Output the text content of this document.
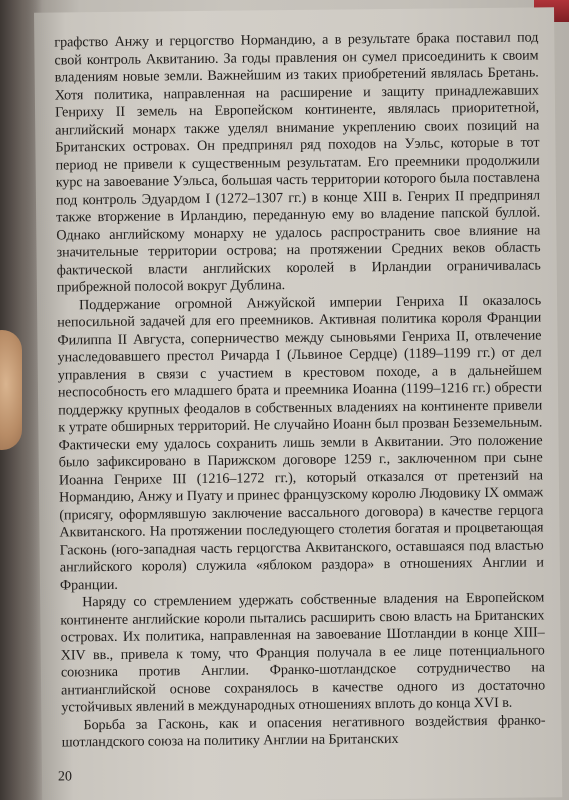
графство Анжу и герцогство Нормандию, а в результате брака поставил под свой контроль Аквитанию. За годы правления он сумел присоединить к своим владениям новые земли. Важнейшим из таких приобретений являлась Бретань. Хотя политика, направленная на расширение и защиту принадлежавших Генриху II земель на Европейском континенте, являлась приоритетной, английский монарх также уделял внимание укреплению своих позиций на Британских островах. Он предпринял ряд походов на Уэльс, которые в тот период не привели к существенным результатам. Его преемники продолжили курс на завоевание Уэльса, большая часть территории которого была поставлена под контроль Эдуардом I (1272–1307 гг.) в конце XIII в. Генрих II предпринял также вторжение в Ирландию, переданную ему во владение папской буллой. Однако английскому монарху не удалось распространить свое влияние на значительные территории острова; на протяжении Средних веков область фактической власти английских королей в Ирландии ограничивалась прибрежной полосой вокруг Дублина.

Поддержание огромной Анжуйской империи Генриха II оказалось непосильной задачей для его преемников. Активная политика короля Франции Филиппа II Августа, соперничество между сыновьями Генриха II, отвлечение унаследовавшего престол Ричарда I (Львиное Сердце) (1189–1199 гг.) от дел управления в связи с участием в крестовом походе, а в дальнейшем неспособность его младшего брата и преемника Иоанна (1199–1216 гг.) обрести поддержку крупных феодалов в собственных владениях на континенте привели к утрате обширных территорий. Не случайно Иоанн был прозван Безземельным. Фактически ему удалось сохранить лишь земли в Аквитании. Это положение было зафиксировано в Парижском договоре 1259 г., заключенном при сыне Иоанна Генрихе III (1216–1272 гг.), который отказался от претензий на Нормандию, Анжу и Пуату и принес французскому королю Людовику IX оммаж (присягу, оформлявшую заключение вассального договора) в качестве герцога Аквитанского. На протяжении последующего столетия богатая и процветающая Гасконь (юго-западная часть герцогства Аквитанского, оставшаяся под властью английского короля) служила «яблоком раздора» в отношениях Англии и Франции.

Наряду со стремлением удержать собственные владения на Европейском континенте английские короли пытались расширить свою власть на Британских островах. Их политика, направленная на завоевание Шотландии в конце XIII–XIV вв., привела к тому, что Франция получала в ее лице потенциального союзника против Англии. Франко-шотландское сотрудничество на антианглийской основе сохранялось в качестве одного из достаточно устойчивых явлений в международных отношениях вплоть до конца XVI в.

Борьба за Гасконь, как и опасения негативного воздействия франко-шотландского союза на политику Англии на Британских

20
